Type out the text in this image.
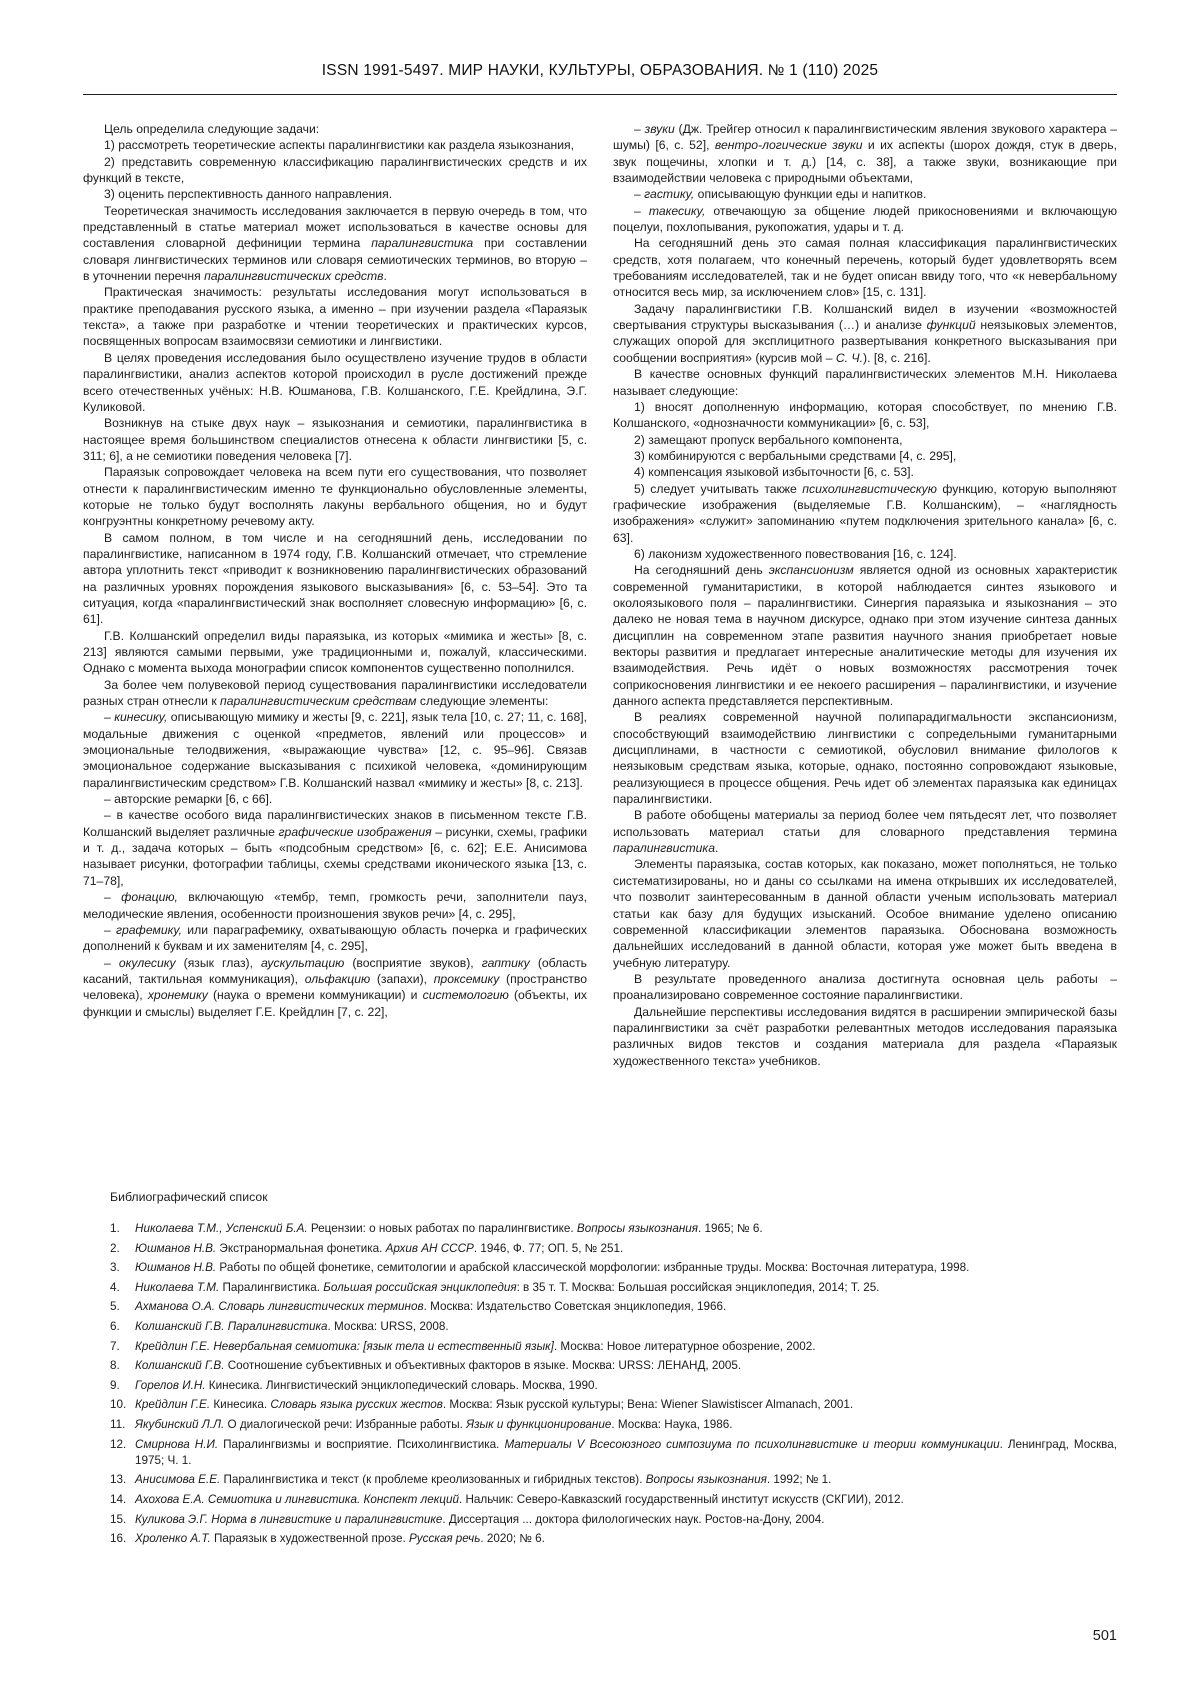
ISSN 1991-5497. МИР НАУКИ, КУЛЬТУРЫ, ОБРАЗОВАНИЯ. № 1 (110) 2025

Цель определила следующие задачи:

1) рассмотреть теоретические аспекты паралингвистики как раздела языкознания,

2) представить современную классификацию паралингвистических средств и их функций в тексте,

3) оценить перспективность данного направления.

Теоретическая значимость исследования заключается в первую очередь в том, что представленный в статье материал может использоваться в качестве основы для составления словарной дефиниции термина паралингвистика при составлении словаря лингвистических терминов или словаря семиотических терминов, во вторую – в уточнении перечня паралингвистических средств.

Практическая значимость: результаты исследования могут использоваться в практике преподавания русского языка, а именно – при изучении раздела «Параязык текста», а также при разработке и чтении теоретических и практических курсов, посвященных вопросам взаимосвязи семиотики и лингвистики.

В целях проведения исследования было осуществлено изучение трудов в области паралингвистики, анализ аспектов которой происходил в русле достижений прежде всего отечественных учёных: Н.В. Юшманова, Г.В. Колшанского, Г.Е. Крейдлина, Э.Г. Куликовой.

Возникнув на стыке двух наук – языкознания и семиотики, паралингвистика в настоящее время большинством специалистов отнесена к области лингвистики [5, с. 311; 6], а не семиотики поведения человека [7].

Параязык сопровождает человека на всем пути его существования, что позволяет отнести к паралингвистическим именно те функционально обусловленные элементы, которые не только будут восполнять лакуны вербального общения, но и будут конгруэнтны конкретному речевому акту.

В самом полном, в том числе и на сегодняшний день, исследовании по паралингвистике, написанном в 1974 году, Г.В. Колшанский отмечает, что стремление автора уплотнить текст «приводит к возникновению паралингвистических образований на различных уровнях порождения языкового высказывания» [6, с. 53–54]. Это та ситуация, когда «паралингвистический знак восполняет словесную информацию» [6, с. 61].

Г.В. Колшанский определил виды параязыка, из которых «мимика и жесты» [8, с. 213] являются самыми первыми, уже традиционными и, пожалуй, классическими. Однако с момента выхода монографии список компонентов существенно пополнился.

За более чем полувековой период существования паралингвистики исследователи разных стран отнесли к паралингвистическим средствам следующие элементы:

– кинесику, описывающую мимику и жесты [9, с. 221], язык тела [10, с. 27; 11, с. 168], модальные движения с оценкой «предметов, явлений или процессов» и эмоциональные телодвижения, «выражающие чувства» [12, с. 95–96]. Связав эмоциональное содержание высказывания с психикой человека, «доминирующим паралингвистическим средством» Г.В. Колшанский назвал «мимику и жесты» [8, с. 213].

– авторские ремарки [6, с 66].

– в качестве особого вида паралингвистических знаков в письменном тексте Г.В. Колшанский выделяет различные графические изображения – рисунки, схемы, графики и т. д., задача которых – быть «подсобным средством» [6, с. 62]; Е.Е. Анисимова называет рисунки, фотографии таблицы, схемы средствами иконического языка [13, с. 71–78],

– фонацию, включающую «тембр, темп, громкость речи, заполнители пауз, мелодические явления, особенности произношения звуков речи» [4, с. 295],

– графемику, или параграфемику, охватывающую область почерка и графических дополнений к буквам и их заменителям [4, с. 295],

– окулесику (язык глаз), аускультацию (восприятие звуков), гаптику (область касаний, тактильная коммуникация), ольфакцию (запахи), проксемику (пространство человека), хронемику (наука о времени коммуникации) и системологию (объекты, их функции и смыслы) выделяет Г.Е. Крейдлин [7, с. 22],

– звуки (Дж. Трейгер относил к паралингвистическим явления звукового характера – шумы) [6, с. 52], вентро-логические звуки и их аспекты (шорох дождя, стук в дверь, звук пощечины, хлопки и т. д.) [14, с. 38], а также звуки, возникающие при взаимодействии человека с природными объектами,

– гастику, описывающую функции еды и напитков.

– такесику, отвечающую за общение людей прикосновениями и включающую поцелуи, похлопывания, рукопожатия, удары и т. д.

На сегодняшний день это самая полная классификация паралингвистических средств, хотя полагаем, что конечный перечень, который будет удовлетворять всем требованиям исследователей, так и не будет описан ввиду того, что «к невербальному относится весь мир, за исключением слов» [15, с. 131].

Задачу паралингвистики Г.В. Колшанский видел в изучении «возможностей свертывания структуры высказывания (…) и анализе функций неязыковых элементов, служащих опорой для эксплицитного развертывания конкретного высказывания при сообщении восприятия» (курсив мой – С. Ч.). [8, с. 216].

В качестве основных функций паралингвистических элементов М.Н. Николаева называет следующие:

1) вносят дополненную информацию, которая способствует, по мнению Г.В. Колшанского, «однозначности коммуникации» [6, с. 53],

2) замещают пропуск вербального компонента,

3) комбинируются с вербальными средствами [4, с. 295],

4) компенсация языковой избыточности [6, с. 53].

5) следует учитывать также психолингвистическую функцию, которую выполняют графические изображения (выделяемые Г.В. Колшанским), – «наглядность изображения» «служит» запоминанию «путем подключения зрительного канала» [6, с. 63].

6) лаконизм художественного повествования [16, с. 124].

На сегодняшний день экспансионизм является одной из основных характеристик современной гуманитаристики, в которой наблюдается синтез языкового и околоязыкового поля – паралингвистики. Синергия параязыка и языкознания – это далеко не новая тема в научном дискурсе, однако при этом изучение синтеза данных дисциплин на современном этапе развития научного знания приобретает новые векторы развития и предлагает интересные аналитические методы для изучения их взаимодействия. Речь идёт о новых возможностях рассмотрения точек соприкосновения лингвистики и ее некоего расширения – паралингвистики, и изучение данного аспекта представляется перспективным.

В реалиях современной научной полипарадигмальности экспансионизм, способствующий взаимодействию лингвистики с сопредельными гуманитарными дисциплинами, в частности с семиотикой, обусловил внимание филологов к неязыковым средствам языка, которые, однако, постоянно сопровождают языковые, реализующиеся в процессе общения. Речь идет об элементах параязыка как единицах паралингвистики.

В работе обобщены материалы за период более чем пятьдесят лет, что позволяет использовать материал статьи для словарного представления термина паралингвистика.

Элементы параязыка, состав которых, как показано, может пополняться, не только систематизированы, но и даны со ссылками на имена открывших их исследователей, что позволит заинтересованным в данной области ученым использовать материал статьи как базу для будущих изысканий. Особое внимание уделено описанию современной классификации элементов параязыка. Обоснована возможность дальнейших исследований в данной области, которая уже может быть введена в учебную литературу.

В результате проведенного анализа достигнута основная цель работы – проанализировано современное состояние паралингвистики.

Дальнейшие перспективы исследования видятся в расширении эмпирической базы паралингвистики за счёт разработки релевантных методов исследования параязыка различных видов текстов и создания материала для раздела «Параязык художественного текста» учебников.

Библиографический список
1.	Николаева Т.М., Успенский Б.А. Рецензии: о новых работах по паралингвистике. Вопросы языкознания. 1965; № 6.
2.	Юшманов Н.В. Экстранормальная фонетика. Архив АН СССР. 1946, Ф. 77; ОП. 5, № 251.
3.	Юшманов Н.В. Работы по общей фонетике, семитологии и арабской классической морфологии: избранные труды. Москва: Восточная литература, 1998.
4.	Николаева Т.М. Паралингвистика. Большая российская энциклопедия: в 35 т. Т. Москва: Большая российская энциклопедия, 2014; Т. 25.
5.	Ахманова О.А. Словарь лингвистических терминов. Москва: Издательство Советская энциклопедия, 1966.
6.	Колшанский Г.В. Паралингвистика. Москва: URSS, 2008.
7.	Крейдлин Г.Е. Невербальная семиотика: [язык тела и естественный язык]. Москва: Новое литературное обозрение, 2002.
8.	Колшанский Г.В. Соотношение субъективных и объективных факторов в языке. Москва: URSS: ЛЕНАНД, 2005.
9.	Горелов И.Н. Кинесика. Лингвистический энциклопедический словарь. Москва, 1990.
10. Крейдлин Г.Е. Кинесика. Словарь языка русских жестов. Москва: Язык русской культуры; Вена: Wiener Slawistiscer Almanach, 2001.
11. Якубинский Л.Л. О диалогической речи: Избранные работы. Язык и функционирование. Москва: Наука, 1986.
12. Смирнова Н.И. Паралингвизмы и восприятие. Психолингвистика. Материалы V Всесоюзного симпозиума по психолингвистике и теории коммуникации. Ленинград, Москва, 1975; Ч. 1.
13. Анисимова Е.Е. Паралингвистика и текст (к проблеме креолизованных и гибридных текстов). Вопросы языкознания. 1992; № 1.
14. Ахохова Е.А. Семиотика и лингвистика. Конспект лекций. Нальчик: Северо-Кавказский государственный институт искусств (СКГИИ), 2012.
15. Куликова Э.Г. Норма в лингвистике и паралингвистике. Диссертация ... доктора филологических наук. Ростов-на-Дону, 2004.
16. Хроленко А.Т. Параязык в художественной прозе. Русская речь. 2020; № 6.
501
